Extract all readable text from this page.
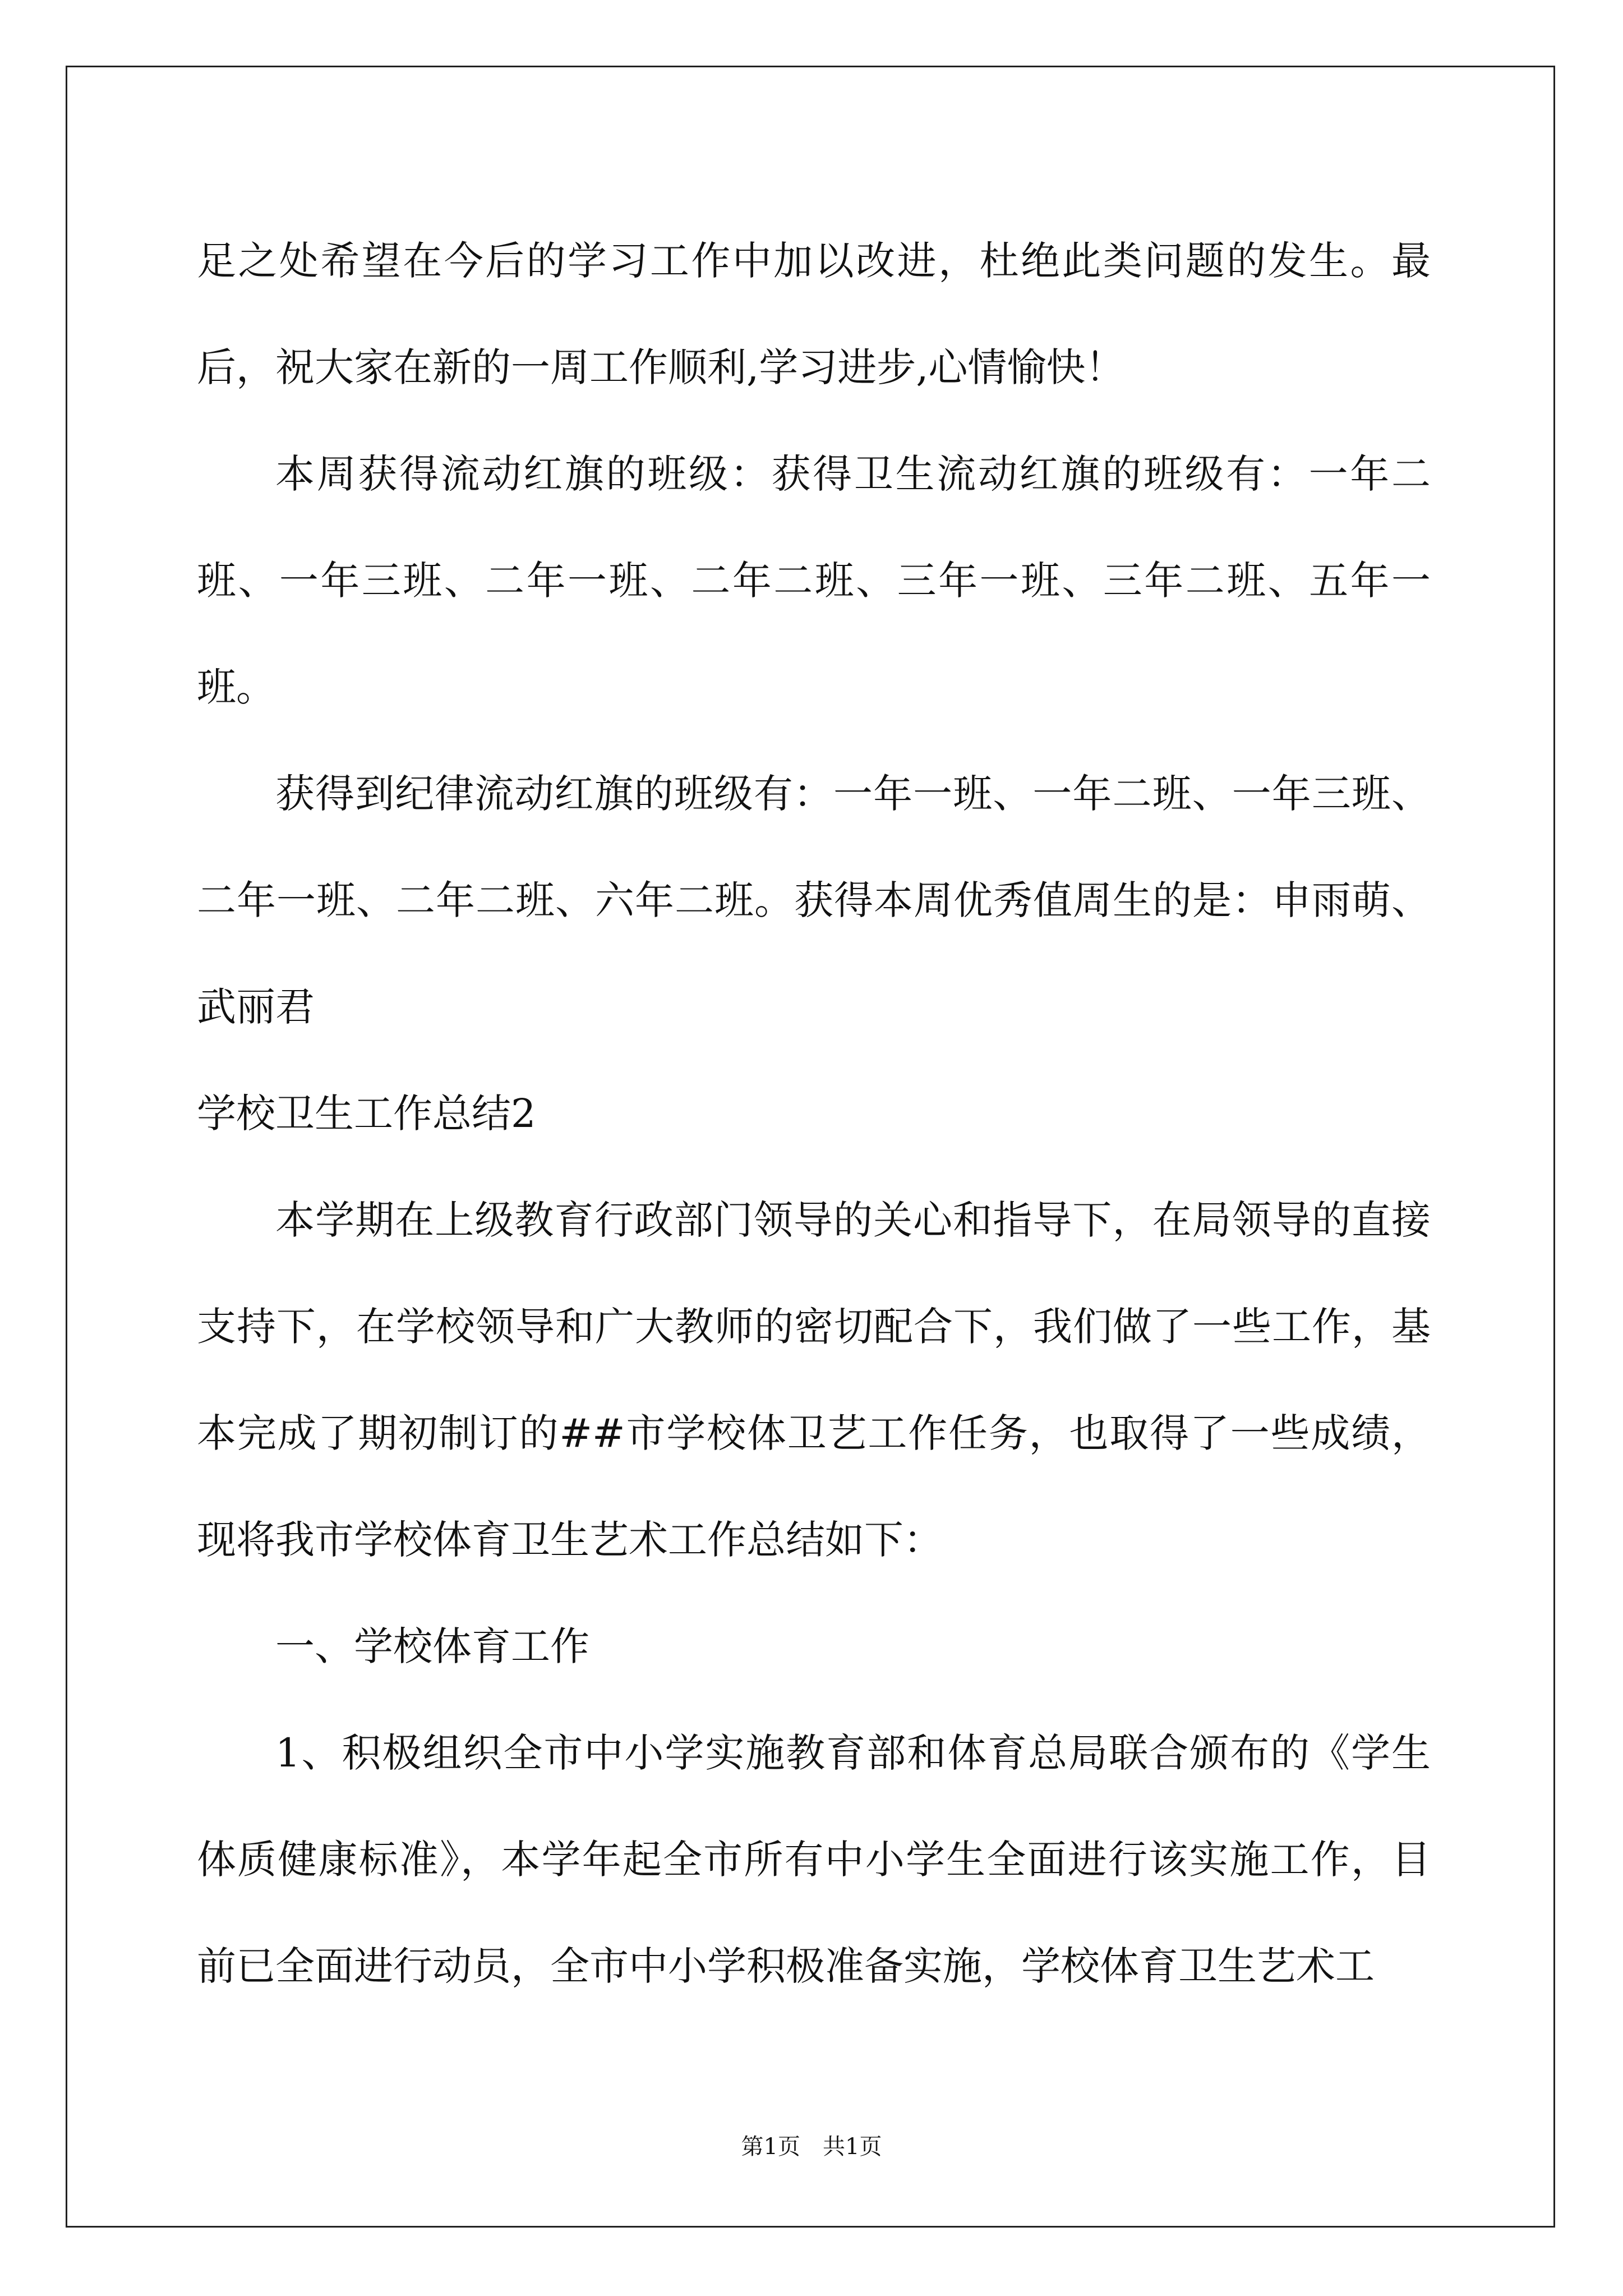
足之处希望在今后的学习工作中加以改进，杜绝此类问题的发生。最后，祝大家在新的一周工作顺利,学习进步,心情愉快！

本周获得流动红旗的班级：获得卫生流动红旗的班级有：一年二班、一年三班、二年一班、二年二班、三年一班、三年二班、五年一班。

获得到纪律流动红旗的班级有：一年一班、一年二班、一年三班、二年一班、二年二班、六年二班。获得本周优秀值周生的是：申雨萌、武丽君

学校卫生工作总结2

本学期在上级教育行政部门领导的关心和指导下，在局领导的直接支持下，在学校领导和广大教师的密切配合下，我们做了一些工作，基本完成了期初制订的##市学校体卫艺工作任务，也取得了一些成绩，现将我市学校体育卫生艺术工作总结如下：

一、学校体育工作

1、积极组织全市中小学实施教育部和体育总局联合颁布的《学生体质健康标准》，本学年起全市所有中小学生全面进行该实施工作，目前已全面进行动员，全市中小学积极准备实施，学校体育卫生艺术工

第1页　共1页
